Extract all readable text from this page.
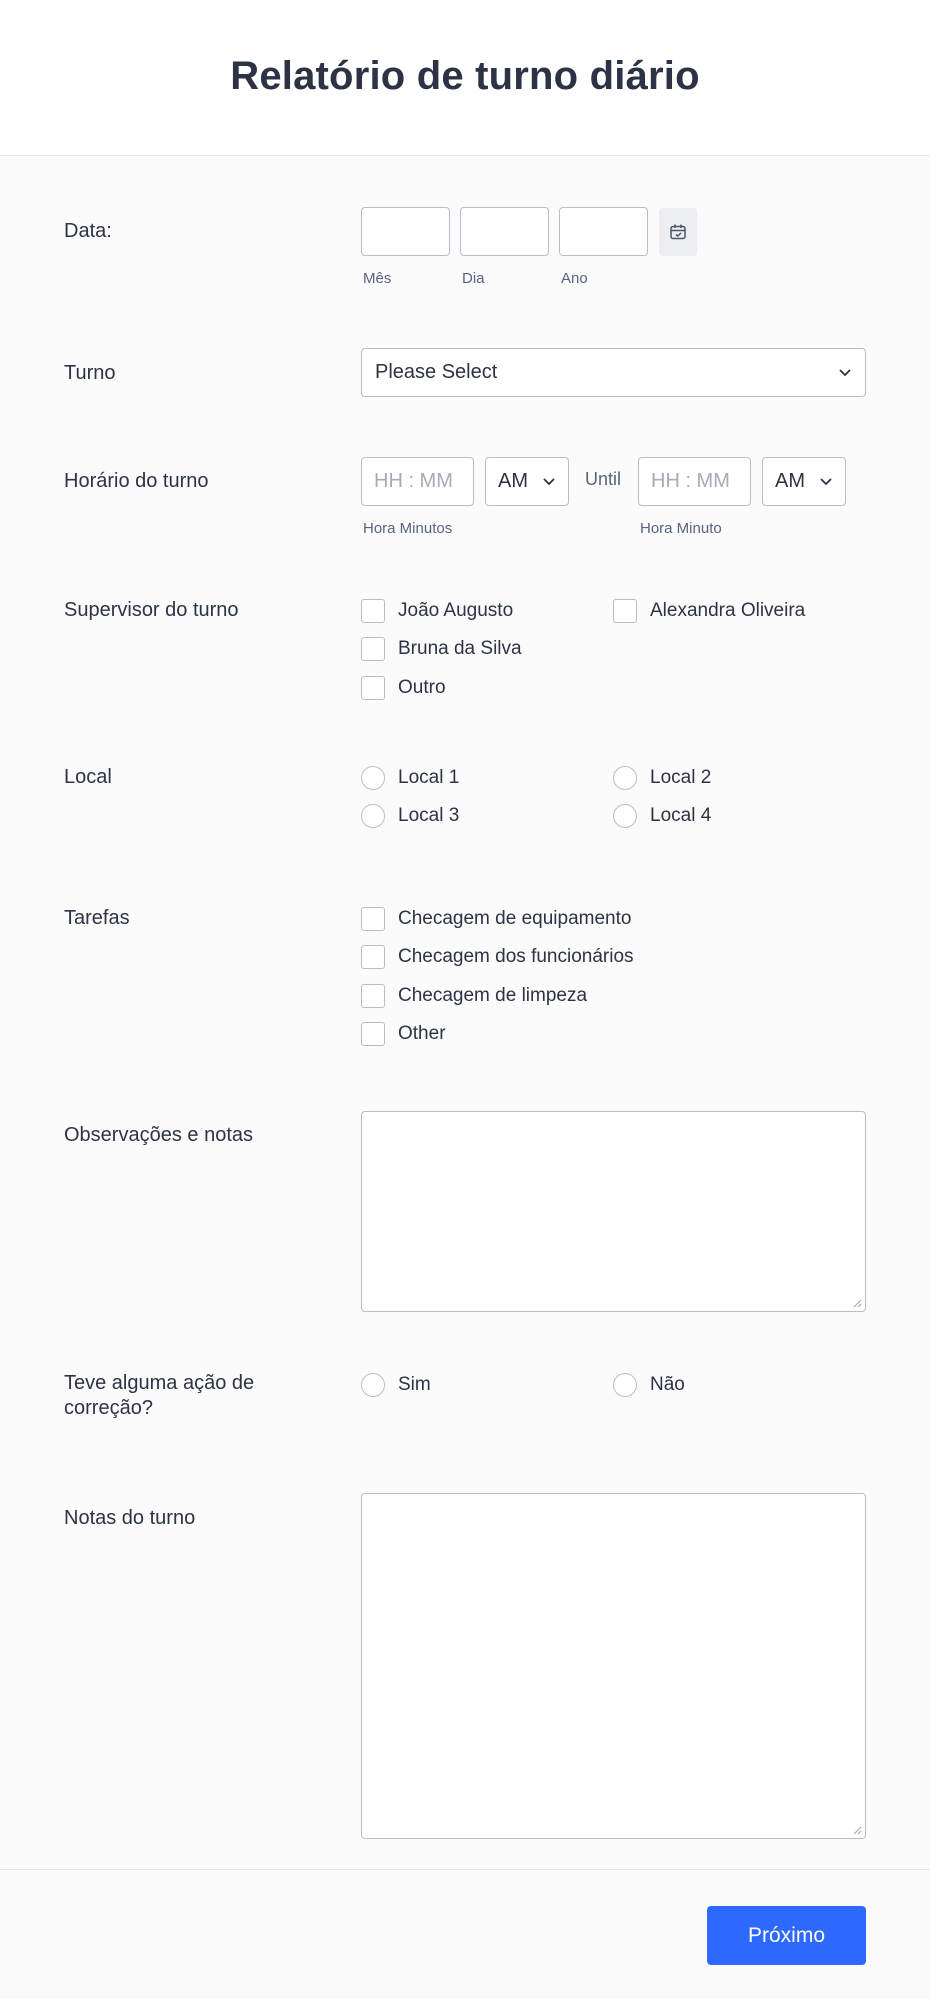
Relatório de turno diário
Data:
Mês	Dia	Ano
Turno	Please Select
Horário do turno	HH : MM AM	Until HH : MM AM
Hora Minutos	Hora Minuto
Supervisor do turno	João Augusto	Alexandra Oliveira
Bruna da Silva
Outro
Local	Local 1	Local 2
Local 3	Local 4
Tarefas	Checagem de equipamento
Checagem dos funcionários
Checagem de limpeza
Other
Observações e notas
Teve alguma ação de
correção?
Sim	Não
Notas do turno
Próximo
